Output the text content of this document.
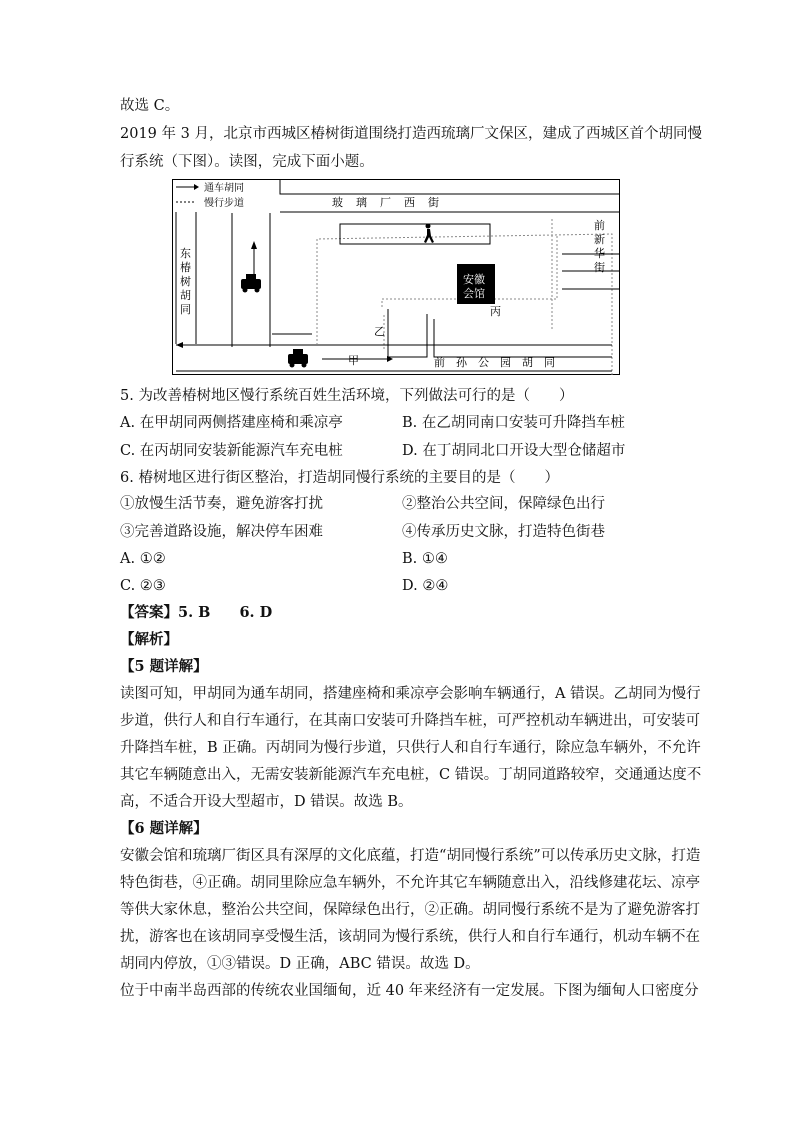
故选 C。
2019 年 3 月，北京市西城区椿树街道围绕打造西琉璃厂文保区，建成了西城区首个胡同慢
行系统（下图）。读图，完成下面小题。
通车胡同
慢行步道	玻　璃　厂　西　街
东
椿
树
胡
同
前
新
华
街
安徽
会馆
乙
丙
甲	前　孙　公　园　胡　同
5. 为改善椿树地区慢行系统百姓生活环境，下列做法可行的是（　　）
A. 在甲胡同两侧搭建座椅和乘凉亭	B. 在乙胡同南口安装可升降挡车桩
C. 在丙胡同安装新能源汽车充电桩	D. 在丁胡同北口开设大型仓储超市
6. 椿树地区进行街区整治，打造胡同慢行系统的主要目的是（　　）
①放慢生活节奏，避免游客打扰	②整治公共空间，保障绿色出行
③完善道路设施，解决停车困难	④传承历史文脉，打造特色街巷
A. ①②	B. ①④
C. ②③	D. ②④
【答案】5. B　　6. D
【解析】
【5 题详解】
读图可知，甲胡同为通车胡同，搭建座椅和乘凉亭会影响车辆通行，A 错误。乙胡同为慢行
步道，供行人和自行车通行，在其南口安装可升降挡车桩，可严控机动车辆进出，可安装可
升降挡车桩，B 正确。丙胡同为慢行步道，只供行人和自行车通行，除应急车辆外，不允许
其它车辆随意出入，无需安装新能源汽车充电桩，C 错误。丁胡同道路较窄，交通通达度不
高，不适合开设大型超市，D 错误。故选 B。
【6 题详解】
安徽会馆和琉璃厂街区具有深厚的文化底蕴，打造“胡同慢行系统”可以传承历史文脉，打造
特色街巷，④正确。胡同里除应急车辆外，不允许其它车辆随意出入，沿线修建花坛、凉亭
等供大家休息，整治公共空间，保障绿色出行，②正确。胡同慢行系统不是为了避免游客打
扰，游客也在该胡同享受慢生活，该胡同为慢行系统，供行人和自行车通行，机动车辆不在
胡同内停放，①③错误。D 正确，ABC 错误。故选 D。
位于中南半岛西部的传统农业国缅甸，近 40 年来经济有一定发展。下图为缅甸人口密度分
